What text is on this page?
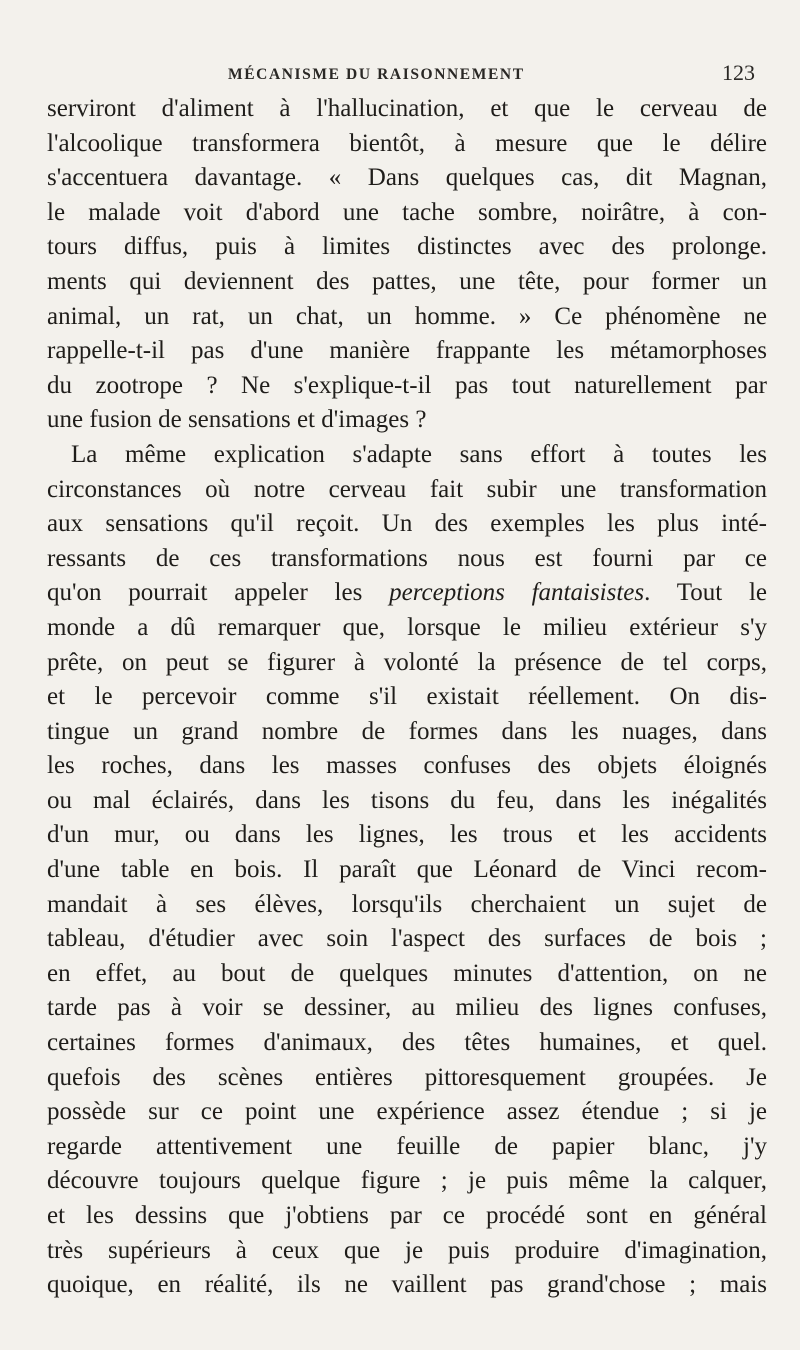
MÉCANISME DU RAISONNEMENT	123
serviront d'aliment à l'hallucination, et que le cerveau de
l'alcoolique transformera bientôt, à mesure que le délire
s'accentuera davantage. « Dans quelques cas, dit Magnan,
le malade voit d'abord une tache sombre, noirâtre, à con-
tours diffus, puis à limites distinctes avec des prolonge.
ments qui deviennent des pattes, une tête, pour former un
animal, un rat, un chat, un homme. » Ce phénomène ne
rappelle-t-il pas d'une manière frappante les métamorphoses
du zootrope ? Ne s'explique-t-il pas tout naturellement par
une fusion de sensations et d'images ?
La même explication s'adapte sans effort à toutes les
circonstances où notre cerveau fait subir une transformation
aux sensations qu'il reçoit. Un des exemples les plus inté-
ressants de ces transformations nous est fourni par ce
qu'on pourrait appeler les perceptions fantaisistes. Tout le
monde a dû remarquer que, lorsque le milieu extérieur s'y
prête, on peut se figurer à volonté la présence de tel corps,
et le percevoir comme s'il existait réellement. On dis-
tingue un grand nombre de formes dans les nuages, dans
les roches, dans les masses confuses des objets éloignés
ou mal éclairés, dans les tisons du feu, dans les inégalités
d'un mur, ou dans les lignes, les trous et les accidents
d'une table en bois. Il paraît que Léonard de Vinci recom-
mandait à ses élèves, lorsqu'ils cherchaient un sujet de
tableau, d'étudier avec soin l'aspect des surfaces de bois ;
en effet, au bout de quelques minutes d'attention, on ne
tarde pas à voir se dessiner, au milieu des lignes confuses,
certaines formes d'animaux, des têtes humaines, et quel.
quefois des scènes entières pittoresquement groupées. Je
possède sur ce point une expérience assez étendue ; si je
regarde attentivement une feuille de papier blanc, j'y
découvre toujours quelque figure ; je puis même la calquer,
et les dessins que j'obtiens par ce procédé sont en général
très supérieurs à ceux que je puis produire d'imagination,
quoique, en réalité, ils ne vaillent pas grand'chose ; mais
